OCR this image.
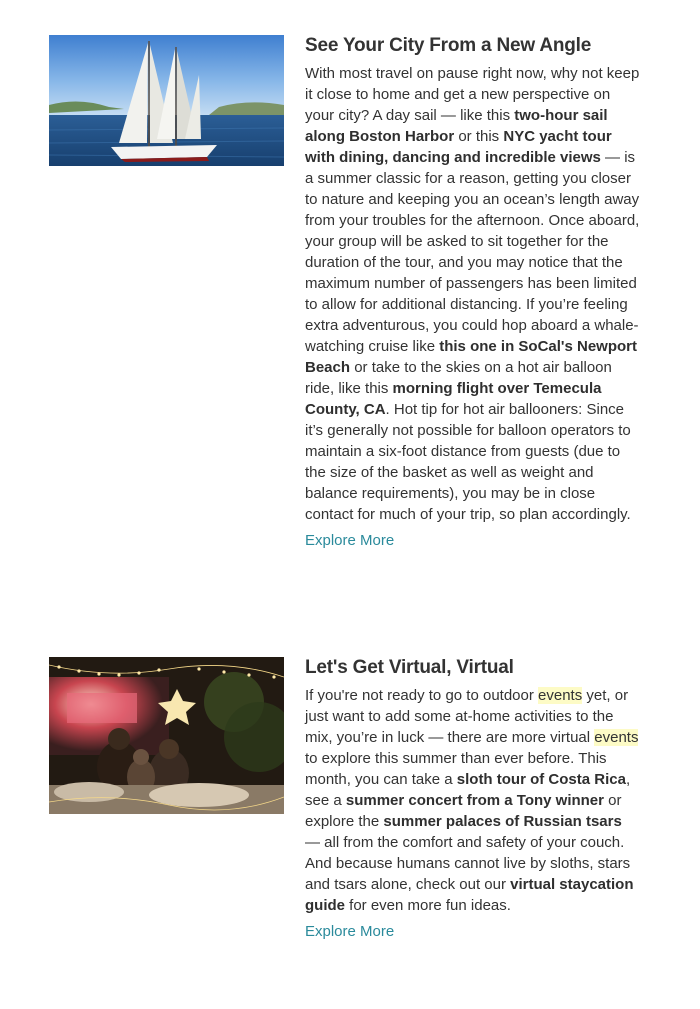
See Your City From a New Angle

With most travel on pause right now, why not keep it close to home and get a new perspective on your city? A day sail — like this two-hour sail along Boston Harbor or this NYC yacht tour with dining, dancing and incredible views — is a summer classic for a reason, getting you closer to nature and keeping you an ocean’s length away from your troubles for the afternoon. Once aboard, your group will be asked to sit together for the duration of the tour, and you may notice that the maximum number of passengers has been limited to allow for additional distancing. If you’re feeling extra adventurous, you could hop aboard a whale-watching cruise like this one in SoCal's Newport Beach or take to the skies on a hot air balloon ride, like this morning flight over Temecula County, CA. Hot tip for hot air ballooners: Since it’s generally not possible for balloon operators to maintain a six-foot distance from guests (due to the size of the basket as well as weight and balance requirements), you may be in close contact for much of your trip, so plan accordingly.

Explore More
Let's Get Virtual, Virtual

If you're not ready to go to outdoor events yet, or just want to add some at-home activities to the mix, you’re in luck — there are more virtual events to explore this summer than ever before. This month, you can take a sloth tour of Costa Rica, see a summer concert from a Tony winner or explore the summer palaces of Russian tsars — all from the comfort and safety of your couch. And because humans cannot live by sloths, stars and tsars alone, check out our virtual staycation guide for even more fun ideas.

Explore More
